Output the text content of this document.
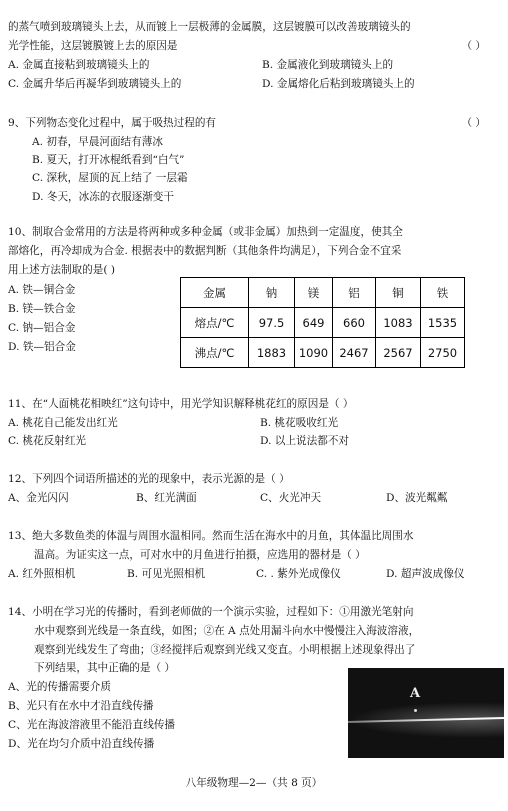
的蒸气喷到玻璃镜头上去，从而镀上一层极薄的金属膜，这层镀膜可以改善玻璃镜头的
光学性能，这层镀膜镀上去的原因是	（ ）
A. 金属直接粘到玻璃镜头上的	B. 金属液化到玻璃镜头上的
C. 金属升华后再凝华到玻璃镜头上的	D. 金属熔化后粘到玻璃镜头上的
9、下列物态变化过程中，属于吸热过程的有	（ ）
A. 初春，早晨河面结有薄冰
B. 夏天，打开冰棍纸看到“白气”
C. 深秋，屋顶的瓦上结了 一层霜
D. 冬天，冰冻的衣服逐渐变干
10、制取合金常用的方法是将两种或多种金属（或非金属）加热到一定温度，使其全
部熔化，再冷却成为合金. 根据表中的数据判断（其他条件均满足），下列合金不宜采
用上述方法制取的是( )
A. 铁—铜合金
B. 镁—铁合金
C. 钠—铝合金
D. 铁—铝合金
金属	钠	镁	铝	铜	铁
熔点/℃	97.5	649	660	1083	1535
沸点/℃	1883	1090	2467	2567	2750
11、在“人面桃花相映红”这句诗中，用光学知识解释桃花红的原因是（ ）
A. 桃花自己能发出红光	B. 桃花吸收红光
C. 桃花反射红光	D. 以上说法都不对
12、下列四个词语所描述的光的现象中，表示光源的是（ ）
A、金光闪闪	B、红光满面	C、火光冲天	D、波光粼粼
13、绝大多数鱼类的体温与周围水温相同。然而生活在海水中的月鱼，其体温比周围水
温高。为证实这一点，可对水中的月鱼进行拍摄，应选用的器材是（ ）
A. 红外照相机	B. 可见光照相机	C. . 紫外光成像仪	D. 超声波成像仪
14、小明在学习光的传播时，看到老师做的一个演示实验，过程如下：①用激光笔射向
水中观察到光线是一条直线，如图；②在 A 点处用漏斗向水中慢慢注入海波溶液，
观察到光线发生了弯曲；③经搅拌后观察到光线又变直。小明根据上述现象得出了
下列结果，其中正确的是（ ）
A、光的传播需要介质
B、光只有在水中才沿直线传播
C、光在海波溶液里不能沿直线传播
D、光在均匀介质中沿直线传播
A
八年级物理—2—（共 8 页）
